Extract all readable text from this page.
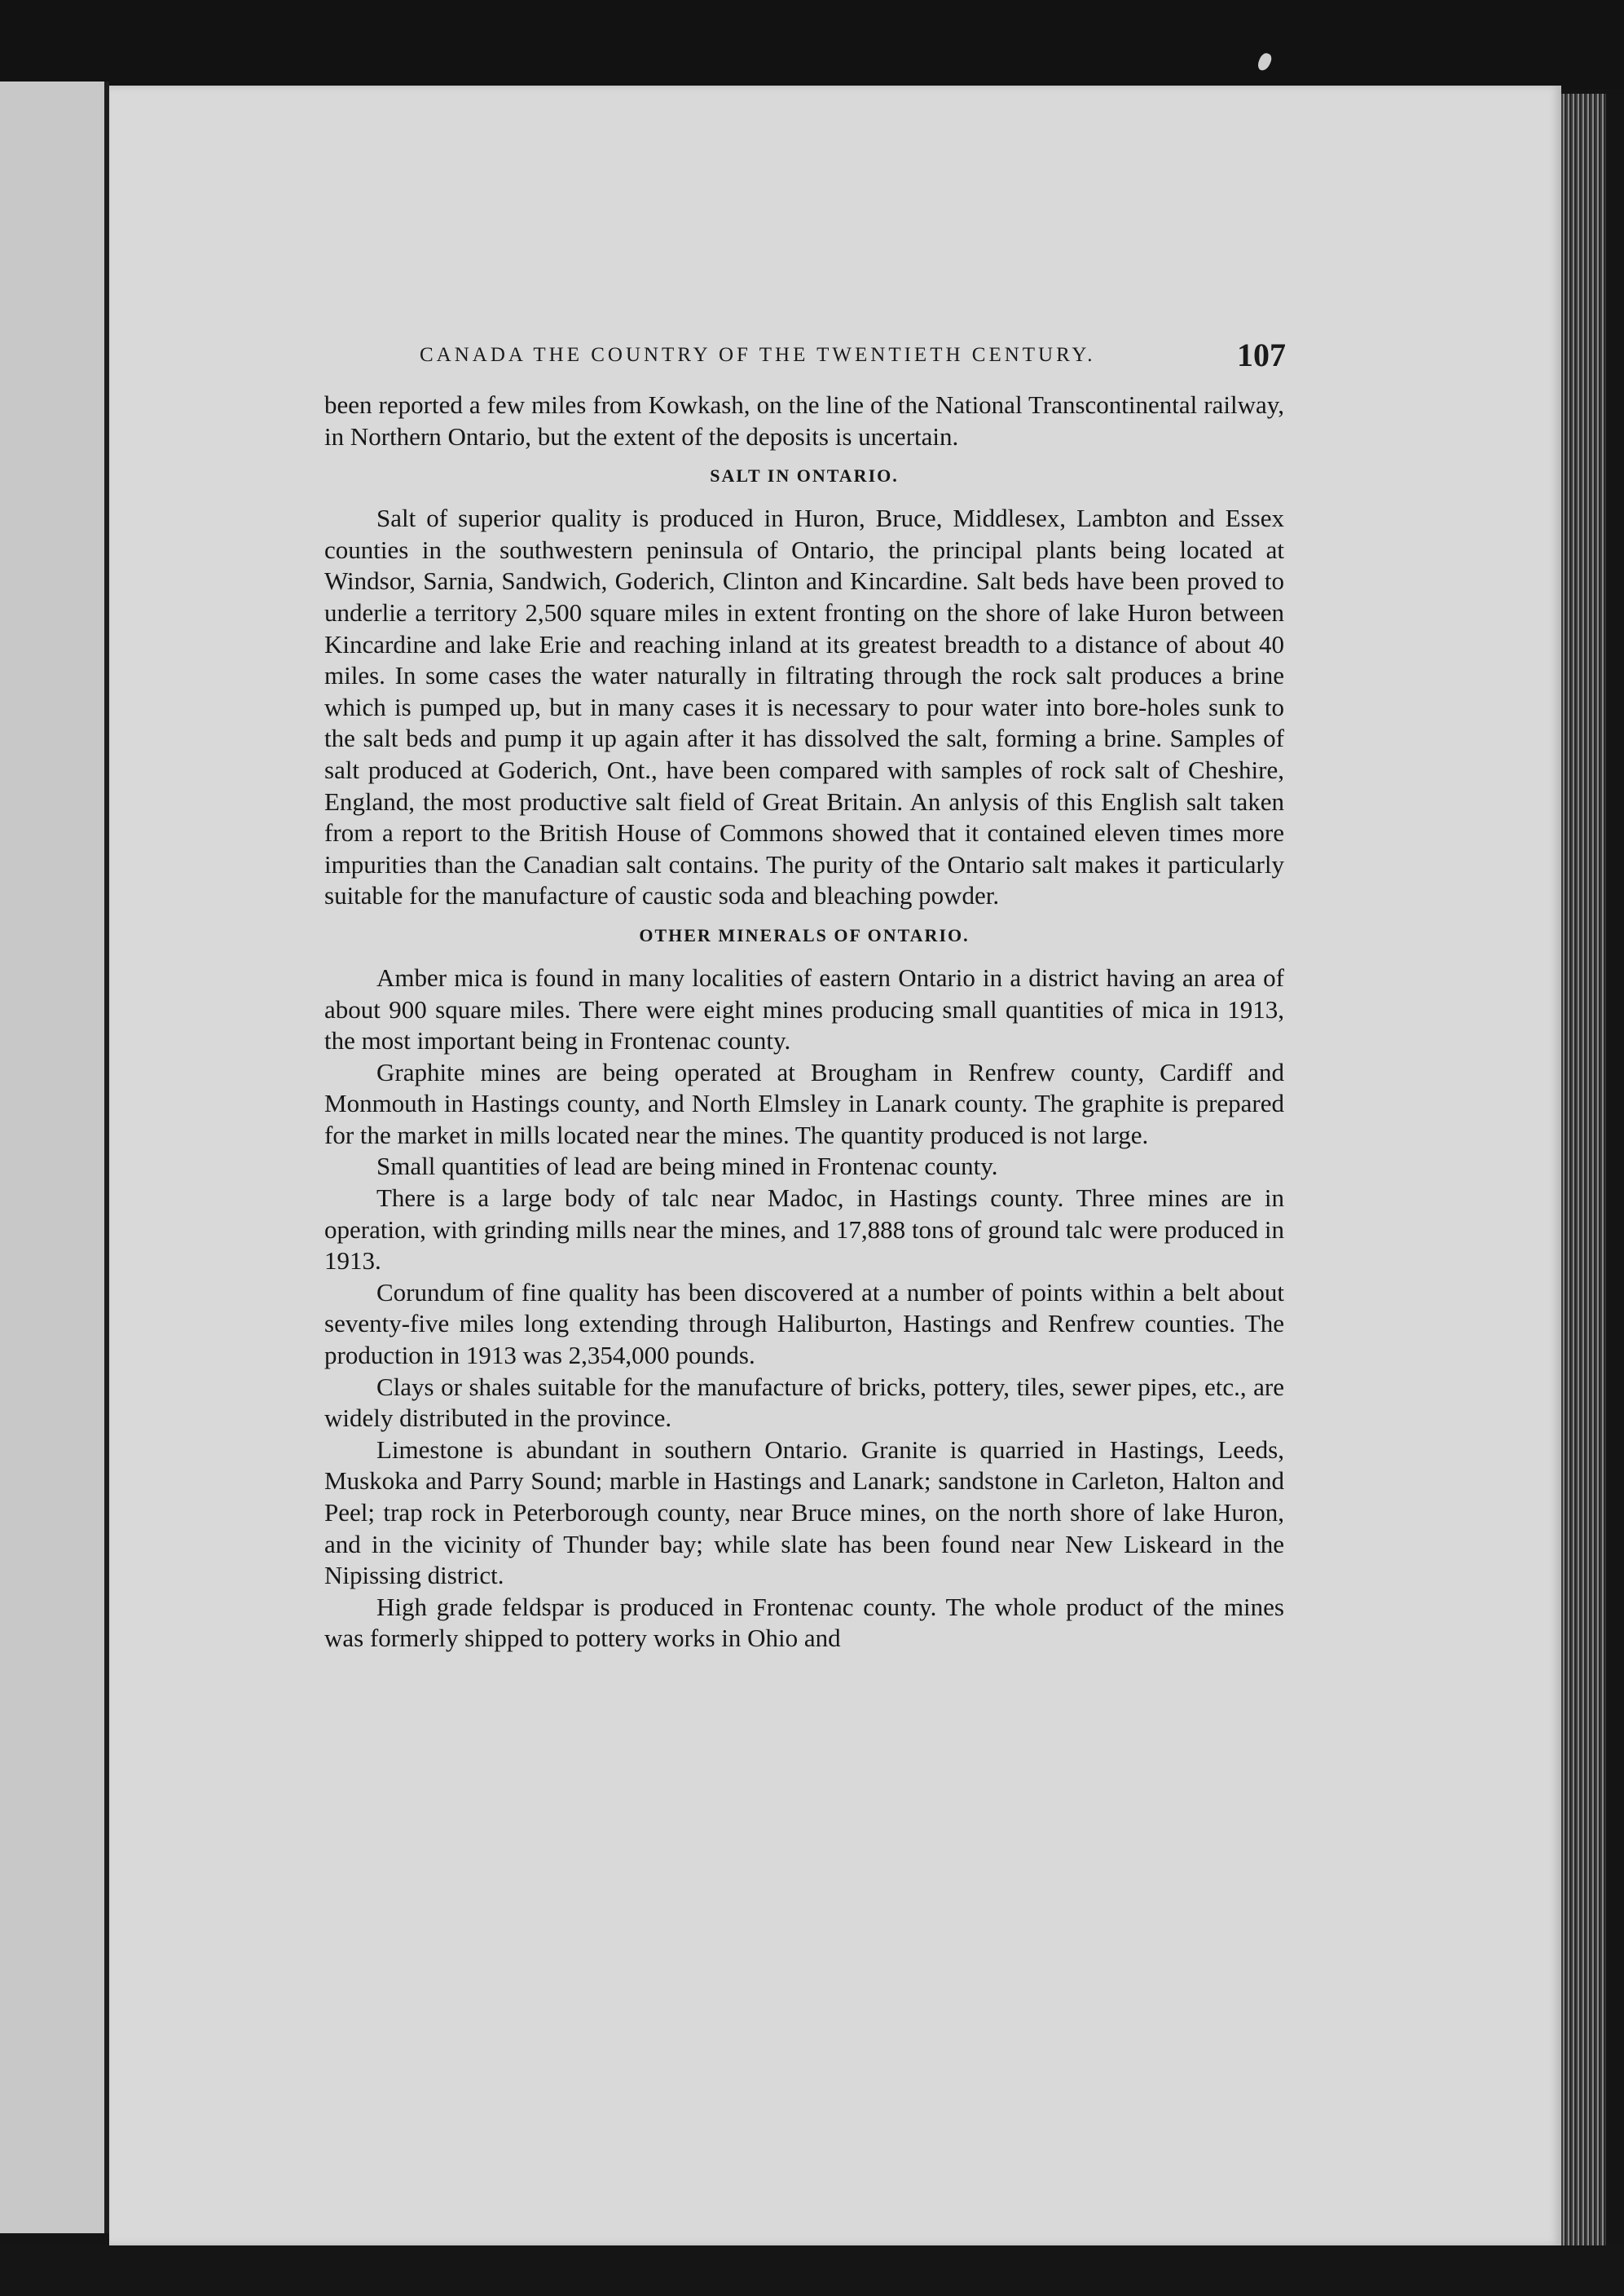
CANADA THE COUNTRY OF THE TWENTIETH CENTURY.	107

been reported a few miles from Kowkash, on the line of the National Transcontinental railway, in Northern Ontario, but the extent of the deposits is uncertain.

SALT IN ONTARIO.

Salt of superior quality is produced in Huron, Bruce, Middlesex, Lambton and Essex counties in the southwestern peninsula of Ontario, the principal plants being located at Windsor, Sarnia, Sandwich, Goderich, Clinton and Kincardine. Salt beds have been proved to underlie a territory 2,500 square miles in extent fronting on the shore of lake Huron between Kincardine and lake Erie and reaching inland at its greatest breadth to a distance of about 40 miles. In some cases the water naturally in filtrating through the rock salt produces a brine which is pumped up, but in many cases it is necessary to pour water into bore-holes sunk to the salt beds and pump it up again after it has dissolved the salt, forming a brine. Samples of salt produced at Goderich, Ont., have been compared with samples of rock salt of Cheshire, England, the most productive salt field of Great Britain. An anlysis of this English salt taken from a report to the British House of Commons showed that it contained eleven times more impurities than the Canadian salt contains. The purity of the Ontario salt makes it particularly suitable for the manufacture of caustic soda and bleaching powder.

OTHER MINERALS OF ONTARIO.

Amber mica is found in many localities of eastern Ontario in a district having an area of about 900 square miles. There were eight mines producing small quantities of mica in 1913, the most important being in Frontenac county.

Graphite mines are being operated at Brougham in Renfrew county, Cardiff and Monmouth in Hastings county, and North Elmsley in Lanark county. The graphite is prepared for the market in mills located near the mines. The quantity produced is not large.

Small quantities of lead are being mined in Frontenac county.

There is a large body of talc near Madoc, in Hastings county. Three mines are in operation, with grinding mills near the mines, and 17,888 tons of ground talc were produced in 1913.

Corundum of fine quality has been discovered at a number of points within a belt about seventy-five miles long extending through Haliburton, Hastings and Renfrew counties. The production in 1913 was 2,354,000 pounds.

Clays or shales suitable for the manufacture of bricks, pottery, tiles, sewer pipes, etc., are widely distributed in the province.

Limestone is abundant in southern Ontario. Granite is quarried in Hastings, Leeds, Muskoka and Parry Sound; marble in Hastings and Lanark; sandstone in Carleton, Halton and Peel; trap rock in Peterborough county, near Bruce mines, on the north shore of lake Huron, and in the vicinity of Thunder bay; while slate has been found near New Liskeard in the Nipissing district.

High grade feldspar is produced in Frontenac county. The whole product of the mines was formerly shipped to pottery works in Ohio and
